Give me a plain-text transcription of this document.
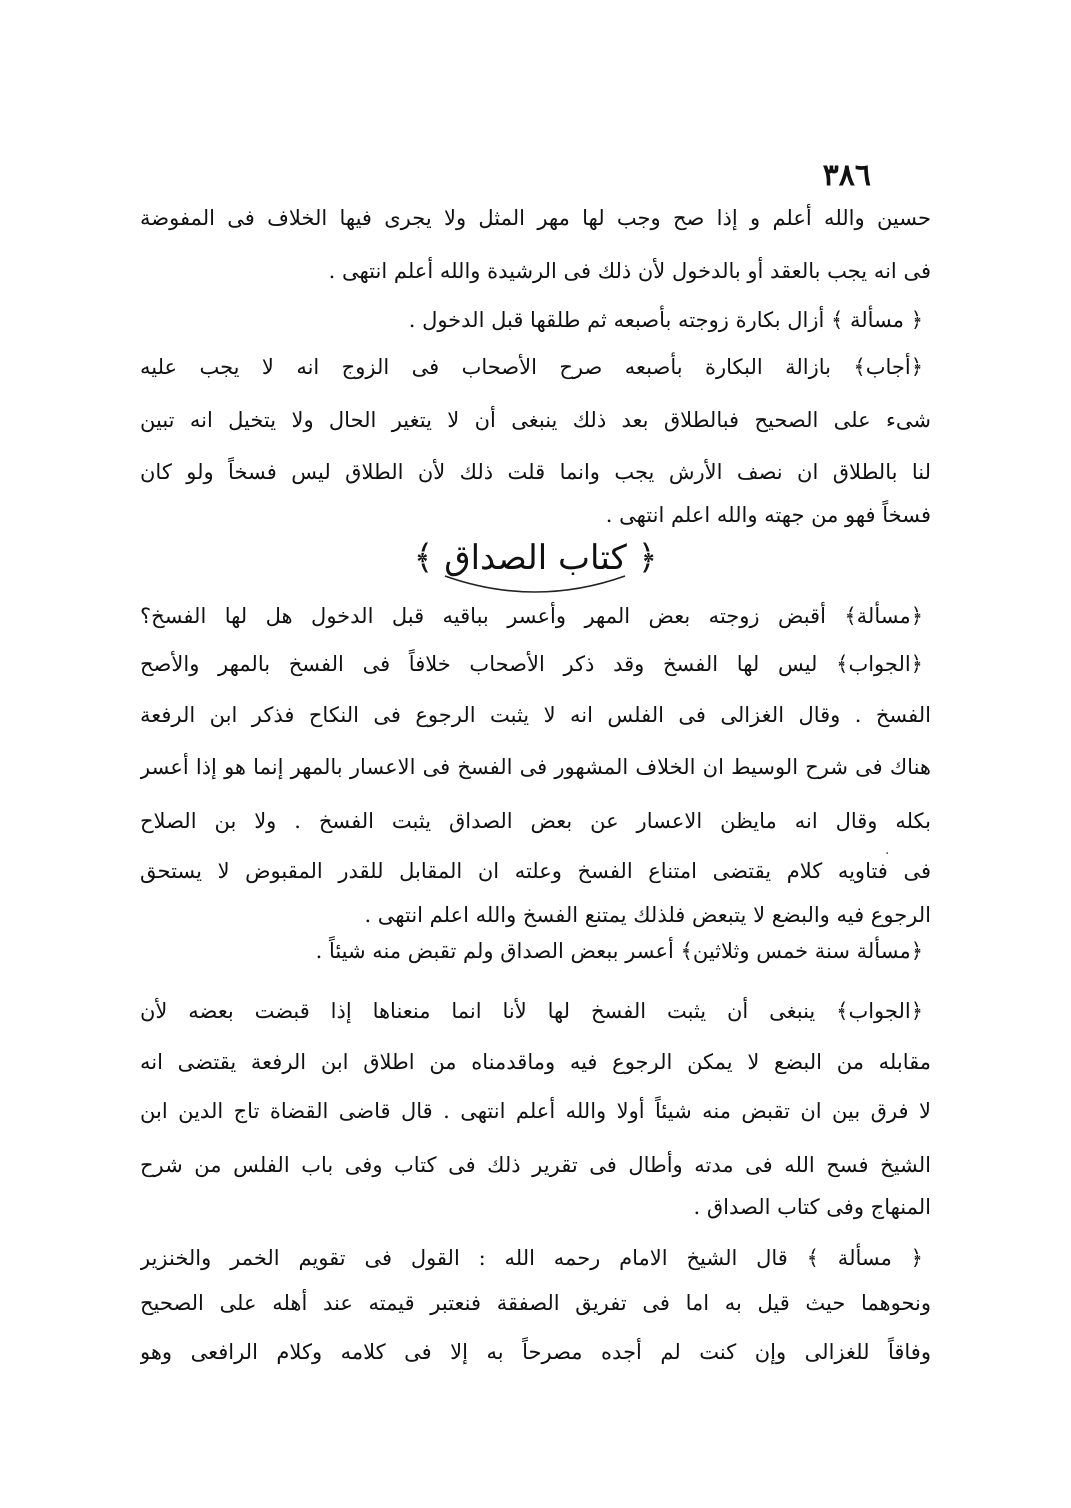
٣٨٦
حسين والله أعلم و إذا صح وجب لها مهر المثل ولا يجرى فيها الخلاف فى المفوضة
فى انه يجب بالعقد أو بالدخول لأن ذلك فى الرشيدة والله أعلم انتهى .
﴿ مسألة ﴾ أزال بكارة زوجته بأصبعه ثم طلقها قبل الدخول .
﴿أجاب﴾ بازالة البكارة بأصبعه صرح الأصحاب فى الزوج انه لا يجب عليه
شىء على الصحيح فبالطلاق بعد ذلك ينبغى أن لا يتغير الحال ولا يتخيل انه تبين
لنا بالطلاق ان نصف الأرش يجب وانما قلت ذلك لأن الطلاق ليس فسخاً ولو كان
فسخاً فهو من جهته والله اعلم انتهى .
﴿مسألة﴾ أقبض زوجته بعض المهر وأعسر بباقيه قبل الدخول هل لها الفسخ؟
﴿الجواب﴾ ليس لها الفسخ وقد ذكر الأصحاب خلافاً فى الفسخ بالمهر والأصح
الفسخ . وقال الغزالى فى الفلس انه لا يثبت الرجوع فى النكاح فذكر ابن الرفعة
هناك فى شرح الوسيط ان الخلاف المشهور فى الفسخ فى الاعسار بالمهر إنما هو إذا أعسر
بكله وقال انه مايظن الاعسار عن بعض الصداق يثبت الفسخ . ولا بن الصلاح
فى فتاويه كلام يقتضى امتناع الفسخ وعلته ان المقابل للقدر المقبوض لا يستحق
الرجوع فيه والبضع لا يتبعض فلذلك يمتنع الفسخ والله اعلم انتهى .
﴿مسألة سنة خمس وثلاثين﴾ أعسر ببعض الصداق ولم تقبض منه شيئاً .
﴿الجواب﴾ ينبغى أن يثبت الفسخ لها لأنا انما منعناها إذا قبضت بعضه لأن
مقابله من البضع لا يمكن الرجوع فيه وماقدمناه من اطلاق ابن الرفعة يقتضى انه
لا فرق بين ان تقبض منه شيئاً أولا والله أعلم انتهى . قال قاضى القضاة تاج الدين ابن
الشيخ فسح الله فى مدته وأطال فى تقرير ذلك فى كتاب وفى باب الفلس من شرح
المنهاج وفى كتاب الصداق .
﴿ مسألة ﴾ قال الشيخ الامام رحمه الله : القول فى تقويم الخمر والخنزير
ونحوهما حيث قيل به اما فى تفريق الصفقة فنعتبر قيمته عند أهله على الصحيح
وفاقاً للغزالى وإن كنت لم أجده مصرحاً به إلا فى كلامه وكلام الرافعى وهو
﴿ كتاب الصداق ﴾
·
